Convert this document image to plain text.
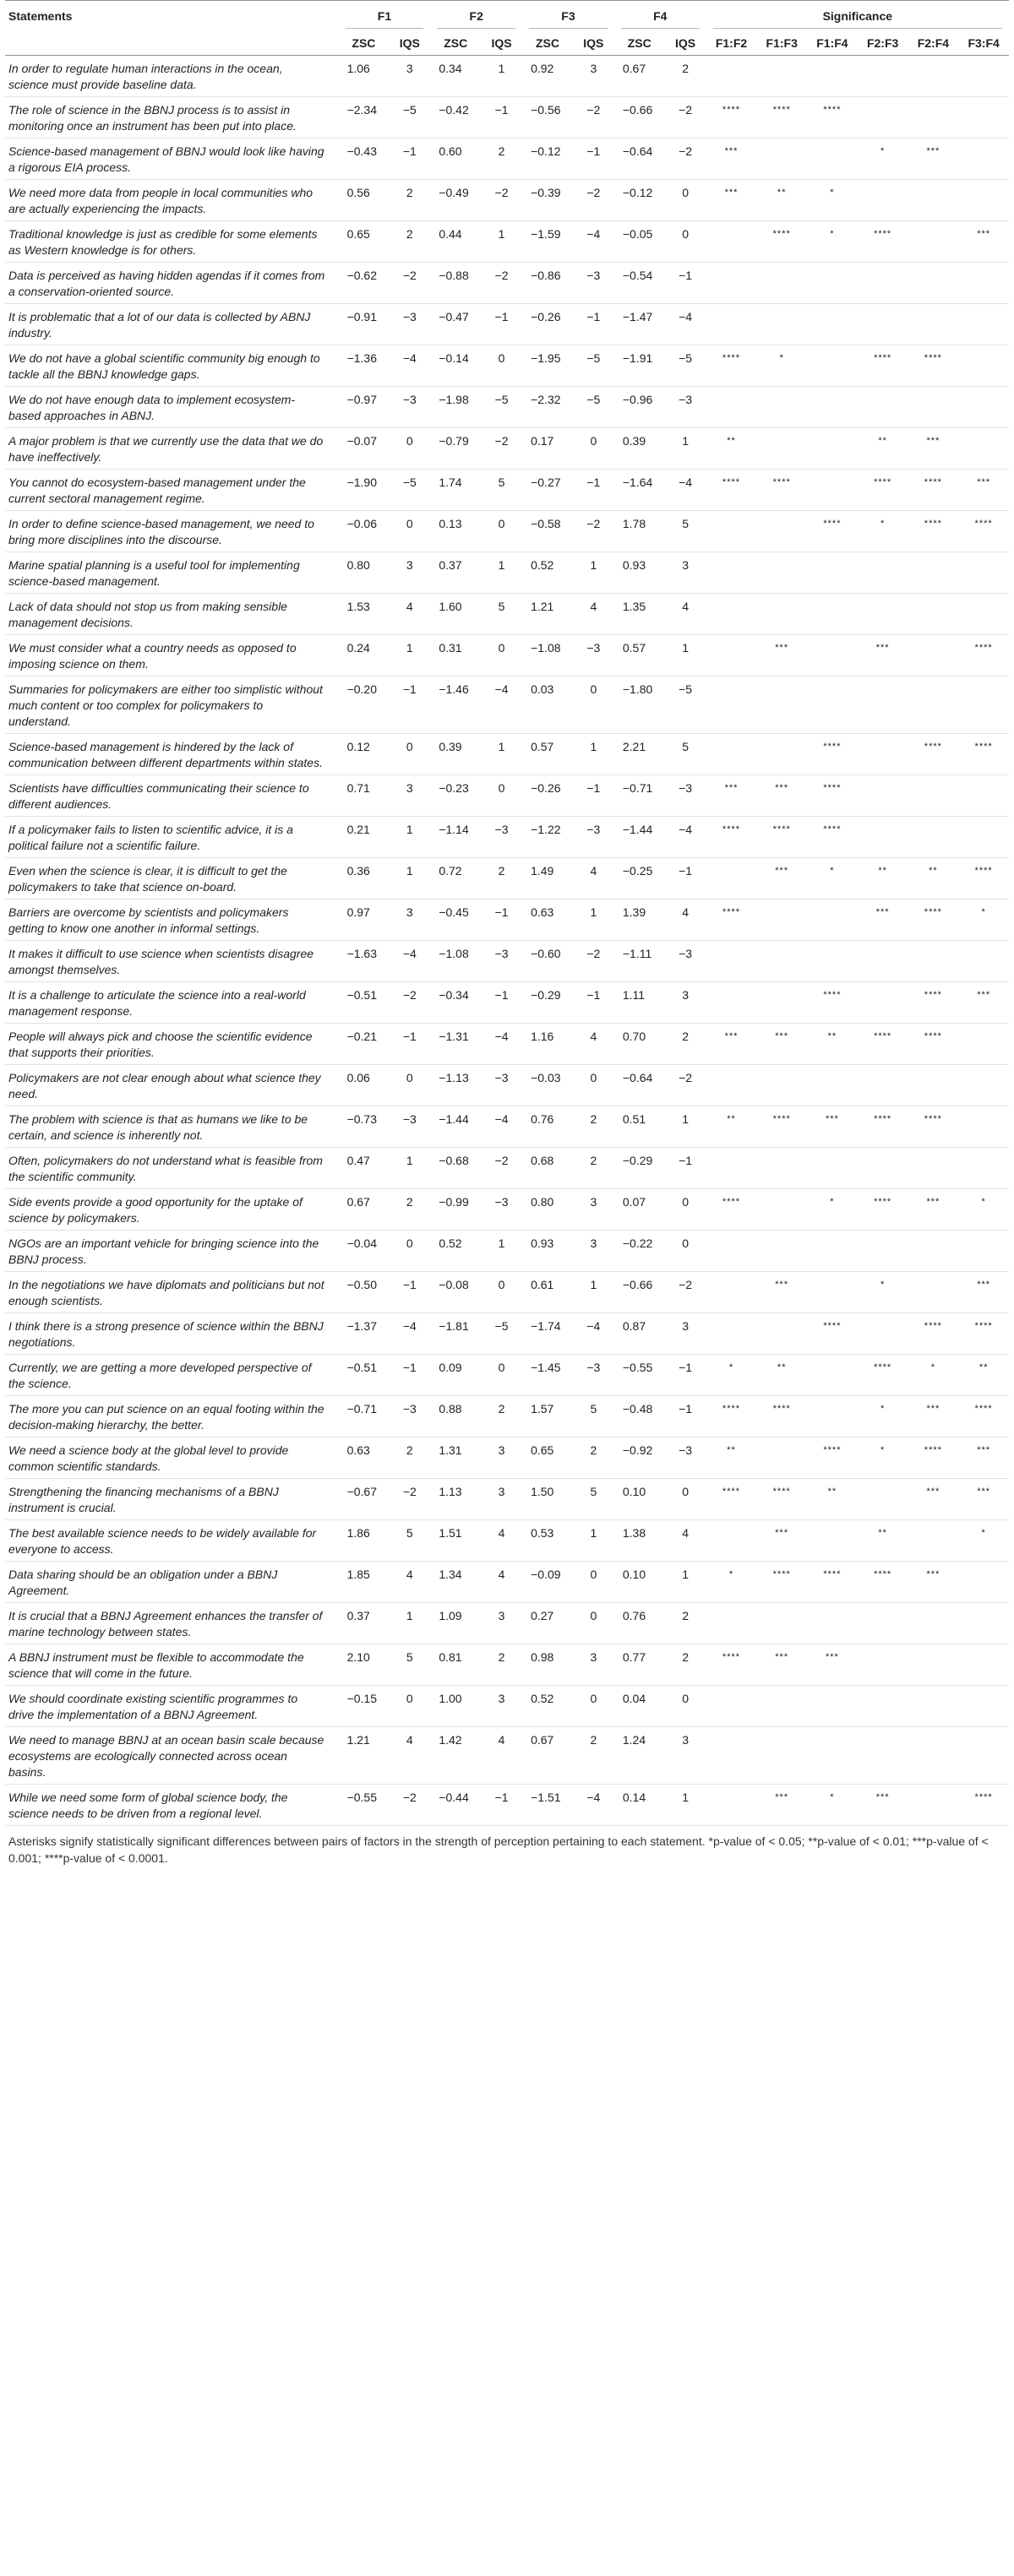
Statements	F1		F2		F3		F4		Significance					

	ZSC	IQS	ZSC	IQS	ZSC	IQS	ZSC	IQS	F1:F2	F1:F3	F1:F4	F2:F3	F2:F4	F3:F4
In order to regulate human interactions in the ocean, science must provide baseline data.	1.06	3	0.34	1	0.92	3	0.67	2						
The role of science in the BBNJ process is to assist in monitoring once an instrument has been put into place.	−2.34	−5	−0.42	−1	−0.56	−2	−0.66	−2	****	****	****			
Science-based management of BBNJ would look like having a rigorous EIA process.	−0.43	−1	0.60	2	−0.12	−1	−0.64	−2	***			*	***	
We need more data from people in local communities who are actually experiencing the impacts.	0.56	2	−0.49	−2	−0.39	−2	−0.12	0	***	**	*			
Traditional knowledge is just as credible for some elements as Western knowledge is for others.	0.65	2	0.44	1	−1.59	−4	−0.05	0		****	*	****		***
Data is perceived as having hidden agendas if it comes from a conservation-oriented source.	−0.62	−2	−0.88	−2	−0.86	−3	−0.54	−1						
It is problematic that a lot of our data is collected by ABNJ industry.	−0.91	−3	−0.47	−1	−0.26	−1	−1.47	−4						
We do not have a global scientific community big enough to tackle all the BBNJ knowledge gaps.	−1.36	−4	−0.14	0	−1.95	−5	−1.91	−5	****	*		****	****	
We do not have enough data to implement ecosystem-based approaches in ABNJ.	−0.97	−3	−1.98	−5	−2.32	−5	−0.96	−3						
A major problem is that we currently use the data that we do have ineffectively.	−0.07	0	−0.79	−2	0.17	0	0.39	1	**			**	***	
You cannot do ecosystem-based management under the current sectoral management regime.	−1.90	−5	1.74	5	−0.27	−1	−1.64	−4	****	****		****	****	***
In order to define science-based management, we need to bring more disciplines into the discourse.	−0.06	0	0.13	0	−0.58	−2	1.78	5			****	*	****	****
Marine spatial planning is a useful tool for implementing science-based management.	0.80	3	0.37	1	0.52	1	0.93	3						
Lack of data should not stop us from making sensible management decisions.	1.53	4	1.60	5	1.21	4	1.35	4						
We must consider what a country needs as opposed to imposing science on them.	0.24	1	0.31	0	−1.08	−3	0.57	1		***		***		****
Summaries for policymakers are either too simplistic without much content or too complex for policymakers to understand.	−0.20	−1	−1.46	−4	0.03	0	−1.80	−5						
Science-based management is hindered by the lack of communication between different departments within states.	0.12	0	0.39	1	0.57	1	2.21	5			****		****	****
Scientists have difficulties communicating their science to different audiences.	0.71	3	−0.23	0	−0.26	−1	−0.71	−3	***	***	****			
If a policymaker fails to listen to scientific advice, it is a political failure not a scientific failure.	0.21	1	−1.14	−3	−1.22	−3	−1.44	−4	****	****	****			
Even when the science is clear, it is difficult to get the policymakers to take that science on-board.	0.36	1	0.72	2	1.49	4	−0.25	−1		***	*	**	**	****
Barriers are overcome by scientists and policymakers getting to know one another in informal settings.	0.97	3	−0.45	−1	0.63	1	1.39	4	****			***	****	*
It makes it difficult to use science when scientists disagree amongst themselves.	−1.63	−4	−1.08	−3	−0.60	−2	−1.11	−3						
It is a challenge to articulate the science into a real-world management response.	−0.51	−2	−0.34	−1	−0.29	−1	1.11	3			****		****	***
People will always pick and choose the scientific evidence that supports their priorities.	−0.21	−1	−1.31	−4	1.16	4	0.70	2	***	***	**	****	****	
Policymakers are not clear enough about what science they need.	0.06	0	−1.13	−3	−0.03	0	−0.64	−2						
The problem with science is that as humans we like to be certain, and science is inherently not.	−0.73	−3	−1.44	−4	0.76	2	0.51	1	**	****	***	****	****	
Often, policymakers do not understand what is feasible from the scientific community.	0.47	1	−0.68	−2	0.68	2	−0.29	−1						
Side events provide a good opportunity for the uptake of science by policymakers.	0.67	2	−0.99	−3	0.80	3	0.07	0	****		*	****	***	*
NGOs are an important vehicle for bringing science into the BBNJ process.	−0.04	0	0.52	1	0.93	3	−0.22	0						
In the negotiations we have diplomats and politicians but not enough scientists.	−0.50	−1	−0.08	0	0.61	1	−0.66	−2		***		*		***
I think there is a strong presence of science within the BBNJ negotiations.	−1.37	−4	−1.81	−5	−1.74	−4	0.87	3			****		****	****
Currently, we are getting a more developed perspective of the science.	−0.51	−1	0.09	0	−1.45	−3	−0.55	−1	*	**		****	*	**
The more you can put science on an equal footing within the decision-making hierarchy, the better.	−0.71	−3	0.88	2	1.57	5	−0.48	−1	****	****		*	***	****
We need a science body at the global level to provide common scientific standards.	0.63	2	1.31	3	0.65	2	−0.92	−3	**		****	*	****	***
Strengthening the financing mechanisms of a BBNJ instrument is crucial.	−0.67	−2	1.13	3	1.50	5	0.10	0	****	****	**		***	***
The best available science needs to be widely available for everyone to access.	1.86	5	1.51	4	0.53	1	1.38	4		***		**		*
Data sharing should be an obligation under a BBNJ Agreement.	1.85	4	1.34	4	−0.09	0	0.10	1	*	****	****	****	***	
It is crucial that a BBNJ Agreement enhances the transfer of marine technology between states.	0.37	1	1.09	3	0.27	0	0.76	2						
A BBNJ instrument must be flexible to accommodate the science that will come in the future.	2.10	5	0.81	2	0.98	3	0.77	2	****	***	***			
We should coordinate existing scientific programmes to drive the implementation of a BBNJ Agreement.	−0.15	0	1.00	3	0.52	0	0.04	0						
We need to manage BBNJ at an ocean basin scale because ecosystems are ecologically connected across ocean basins.	1.21	4	1.42	4	0.67	2	1.24	3						
While we need some form of global science body, the science needs to be driven from a regional level.	−0.55	−2	−0.44	−1	−1.51	−4	0.14	1		***	*	***		****
Asterisks signify statistically significant differences between pairs of factors in the strength of perception pertaining to each statement. *p-value of < 0.05; **p-value of < 0.01; ***p-value of < 0.001; ****p-value of < 0.0001.														
